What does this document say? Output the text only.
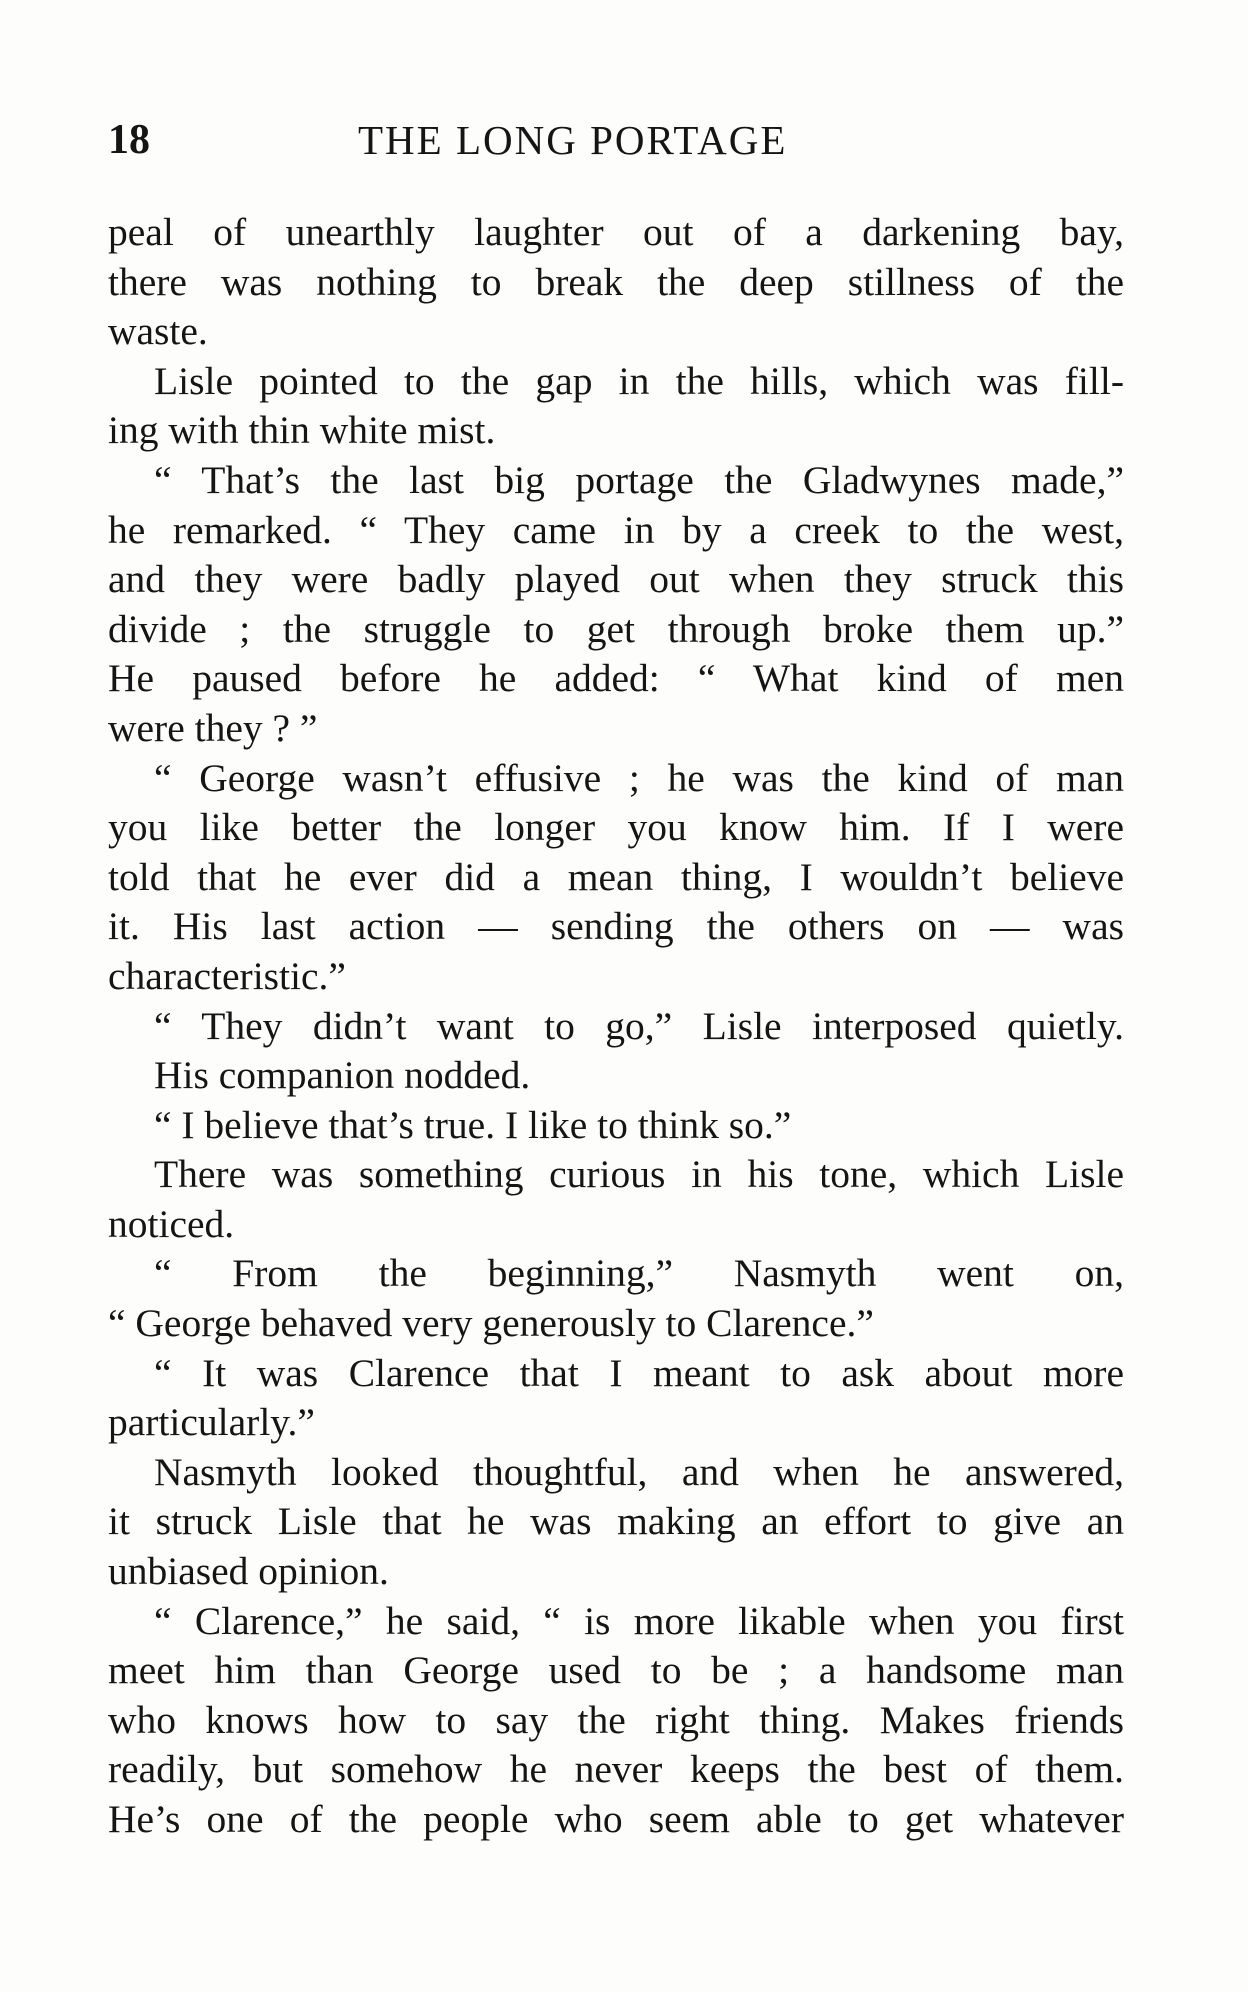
18	THE LONG PORTAGE
peal of unearthly laughter out of a darkening bay,
there was nothing to break the deep stillness of the
waste.
Lisle pointed to the gap in the hills, which was fill-
ing with thin white mist.
“ That’s the last big portage the Gladwynes made,”
he remarked. “ They came in by a creek to the west,
and they were badly played out when they struck this
divide ; the struggle to get through broke them up.”
He paused before he added: “ What kind of men
were they ? ”
“ George wasn’t effusive ; he was the kind of man
you like better the longer you know him. If I were
told that he ever did a mean thing, I wouldn’t believe
it. His last action — sending the others on — was
characteristic.”
“ They didn’t want to go,” Lisle interposed quietly.
His companion nodded.
“ I believe that’s true. I like to think so.”
There was something curious in his tone, which Lisle
noticed.
“ From the beginning,” Nasmyth went on,
“ George behaved very generously to Clarence.”
“ It was Clarence that I meant to ask about more
particularly.”
Nasmyth looked thoughtful, and when he answered,
it struck Lisle that he was making an effort to give an
unbiased opinion.
“ Clarence,” he said, “ is more likable when you first
meet him than George used to be ; a handsome man
who knows how to say the right thing. Makes friends
readily, but somehow he never keeps the best of them.
He’s one of the people who seem able to get whatever
